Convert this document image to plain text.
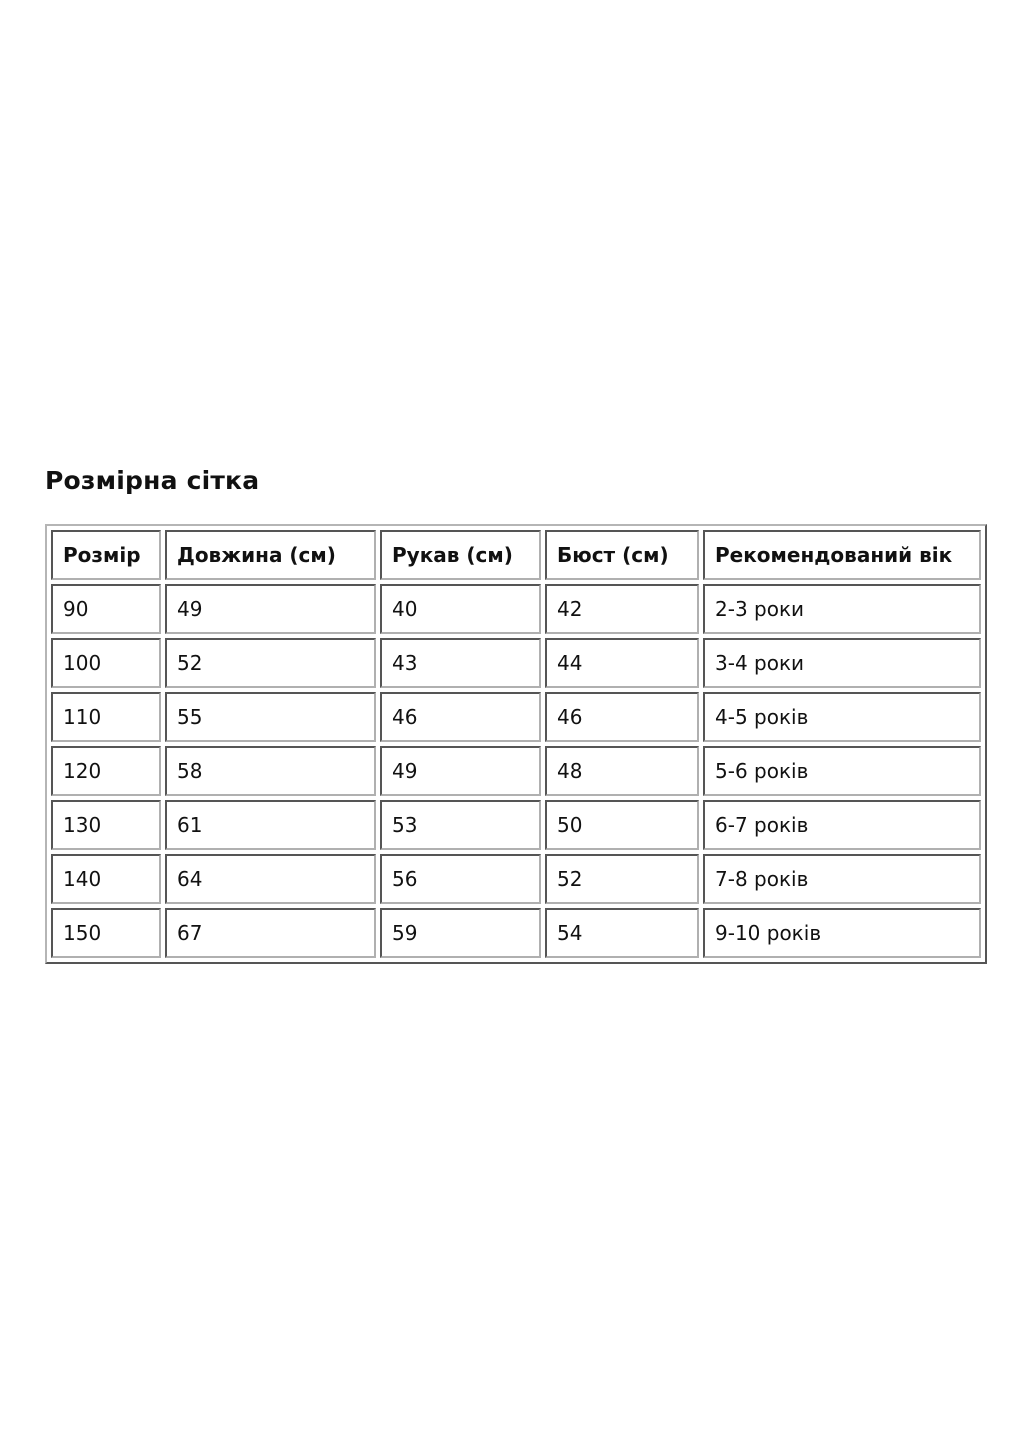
Розмірна сітка
Розмір	Довжина (см)	Рукав (см)	Бюст (см)	Рекомендований вік
90	49	40	42	2-3 роки
100	52	43	44	3-4 роки
110	55	46	46	4-5 років
120	58	49	48	5-6 років
130	61	53	50	6-7 років
140	64	56	52	7-8 років
150	67	59	54	9-10 років
